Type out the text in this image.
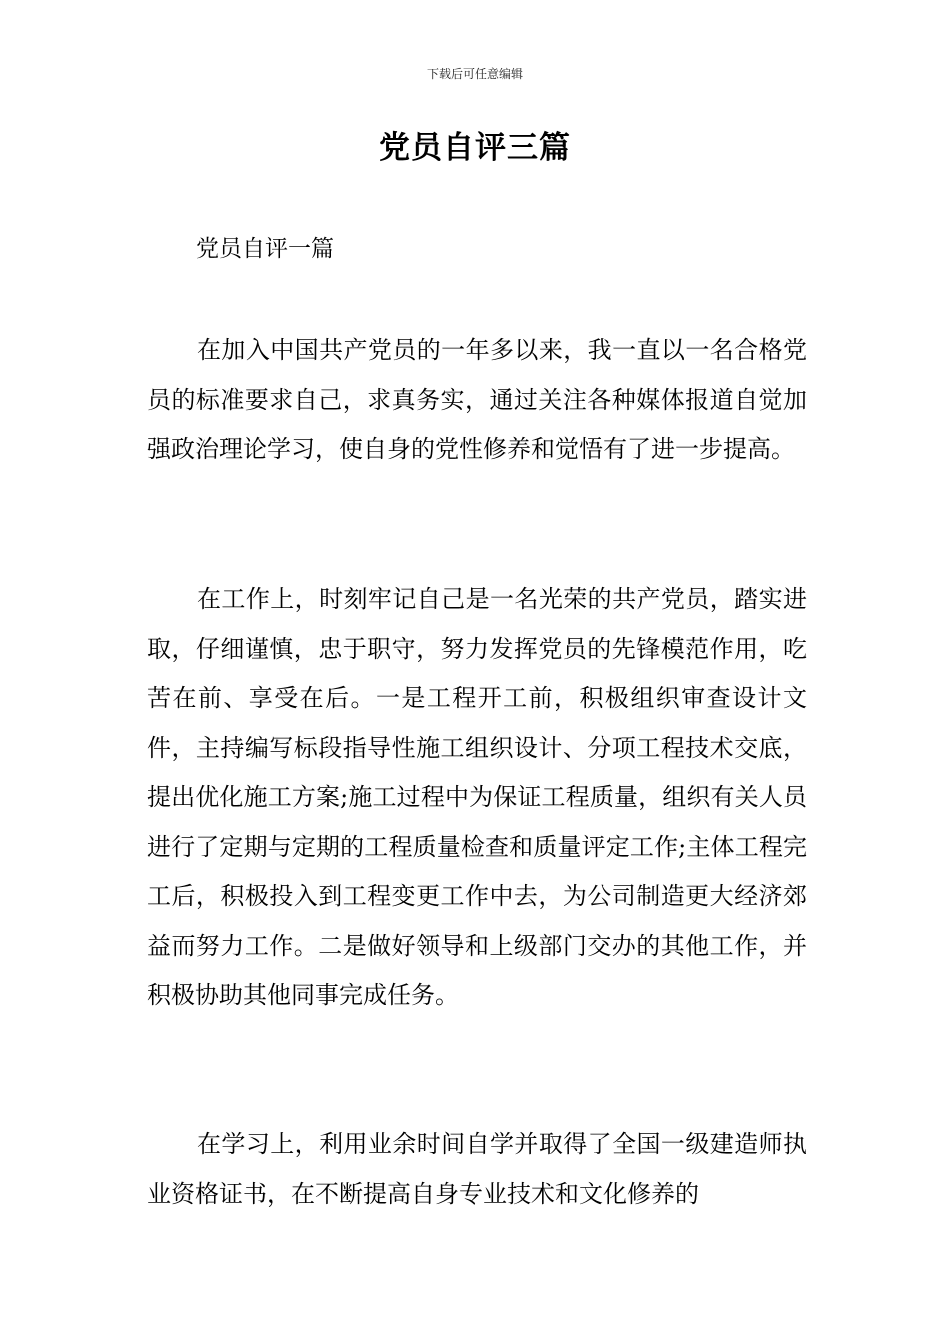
下载后可任意编辑
党员自评三篇
党员自评一篇

在加入中国共产党员的一年多以来，我一直以一名合格党员的标准要求自己，求真务实，通过关注各种媒体报道自觉加强政治理论学习，使自身的党性修养和觉悟有了进一步提高。

在工作上，时刻牢记自己是一名光荣的共产党员，踏实进取，仔细谨慎，忠于职守，努力发挥党员的先锋模范作用，吃苦在前、享受在后。一是工程开工前，积极组织审查设计文件，主持编写标段指导性施工组织设计、分项工程技术交底，提出优化施工方案;施工过程中为保证工程质量，组织有关人员进行了定期与定期的工程质量检查和质量评定工作;主体工程完工后，积极投入到工程变更工作中去，为公司制造更大经济郊益而努力工作。二是做好领导和上级部门交办的其他工作，并积极协助其他同事完成任务。

在学习上，利用业余时间自学并取得了全国一级建造师执业资格证书，在不断提高自身专业技术和文化修养的
